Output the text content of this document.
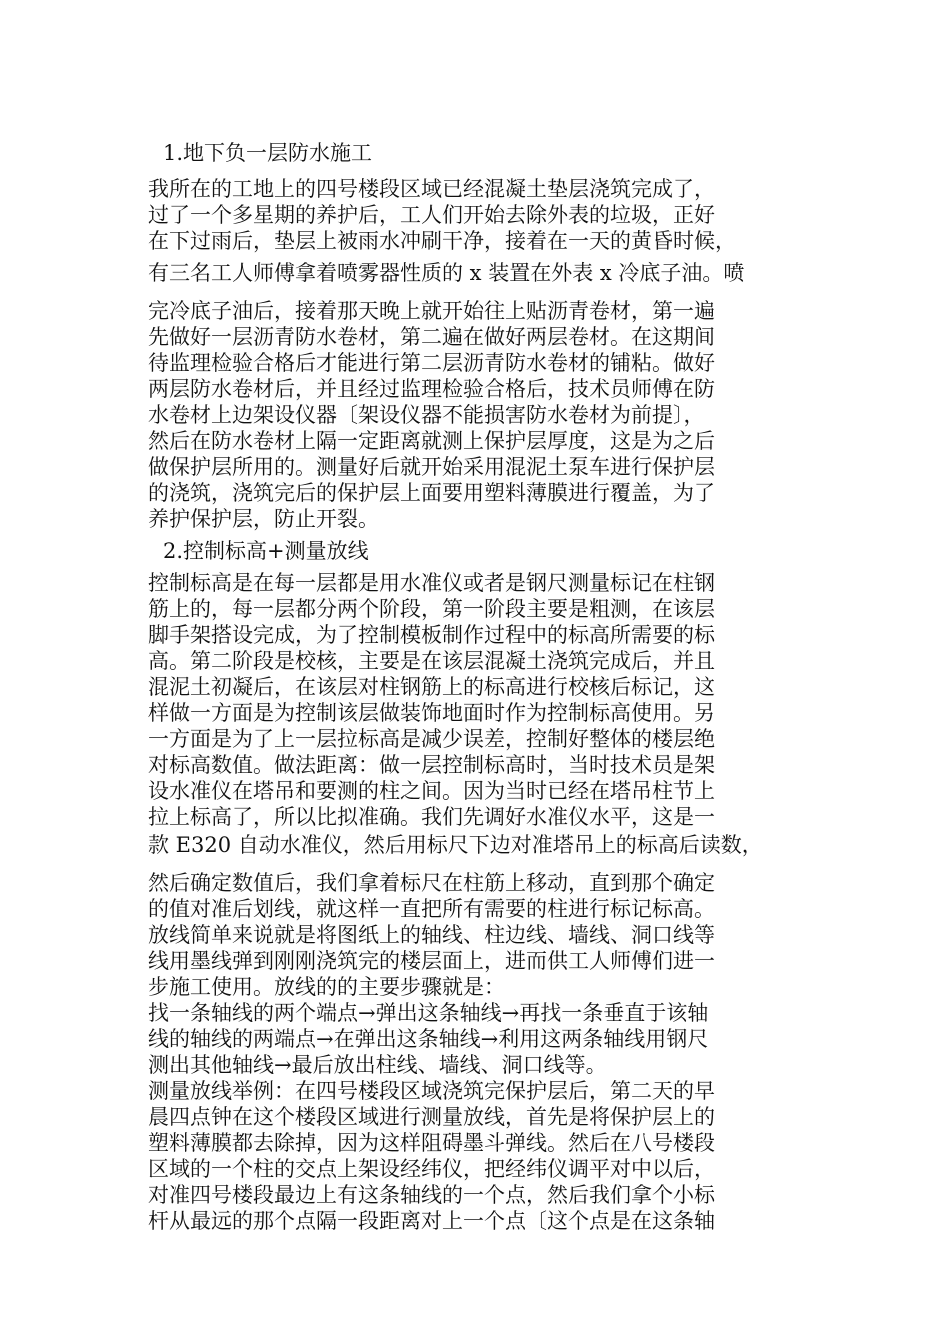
1.地下负一层防水施工
我所在的工地上的四号楼段区域已经混凝土垫层浇筑完成了，
过了一个多星期的养护后，工人们开始去除外表的垃圾，正好
在下过雨后，垫层上被雨水冲刷干净，接着在一天的黄昏时候，
有三名工人师傅拿着喷雾器性质的 x 装置在外表 x 冷底子油。喷
完冷底子油后，接着那天晚上就开始往上贴沥青卷材，第一遍
先做好一层沥青防水卷材，第二遍在做好两层卷材。在这期间
待监理检验合格后才能进行第二层沥青防水卷材的铺粘。做好
两层防水卷材后，并且经过监理检验合格后，技术员师傅在防
水卷材上边架设仪器〔架设仪器不能损害防水卷材为前提〕，
然后在防水卷材上隔一定距离就测上保护层厚度，这是为之后
做保护层所用的。测量好后就开始采用混泥土泵车进行保护层
的浇筑，浇筑完后的保护层上面要用塑料薄膜进行覆盖，为了
养护保护层，防止开裂。
2.控制标高+测量放线
控制标高是在每一层都是用水准仪或者是钢尺测量标记在柱钢
筋上的，每一层都分两个阶段，第一阶段主要是粗测，在该层
脚手架搭设完成，为了控制模板制作过程中的标高所需要的标
高。第二阶段是校核，主要是在该层混凝土浇筑完成后，并且
混泥土初凝后，在该层对柱钢筋上的标高进行校核后标记，这
样做一方面是为控制该层做装饰地面时作为控制标高使用。另
一方面是为了上一层拉标高是减少误差，控制好整体的楼层绝
对标高数值。做法距离：做一层控制标高时，当时技术员是架
设水准仪在塔吊和要测的柱之间。因为当时已经在塔吊柱节上
拉上标高了，所以比拟准确。我们先调好水准仪水平，这是一
款 E320 自动水准仪，然后用标尺下边对准塔吊上的标高后读数，
然后确定数值后，我们拿着标尺在柱筋上移动，直到那个确定
的值对准后划线，就这样一直把所有需要的柱进行标记标高。
放线简单来说就是将图纸上的轴线、柱边线、墙线、洞口线等
线用墨线弹到刚刚浇筑完的楼层面上，进而供工人师傅们进一
步施工使用。放线的的主要步骤就是：
找一条轴线的两个端点→弹出这条轴线→再找一条垂直于该轴
线的轴线的两端点→在弹出这条轴线→利用这两条轴线用钢尺
测出其他轴线→最后放出柱线、墙线、洞口线等。
测量放线举例：在四号楼段区域浇筑完保护层后，第二天的早
晨四点钟在这个楼段区域进行测量放线，首先是将保护层上的
塑料薄膜都去除掉，因为这样阻碍墨斗弹线。然后在八号楼段
区域的一个柱的交点上架设经纬仪，把经纬仪调平对中以后，
对准四号楼段最边上有这条轴线的一个点，然后我们拿个小标
杆从最远的那个点隔一段距离对上一个点〔这个点是在这条轴
